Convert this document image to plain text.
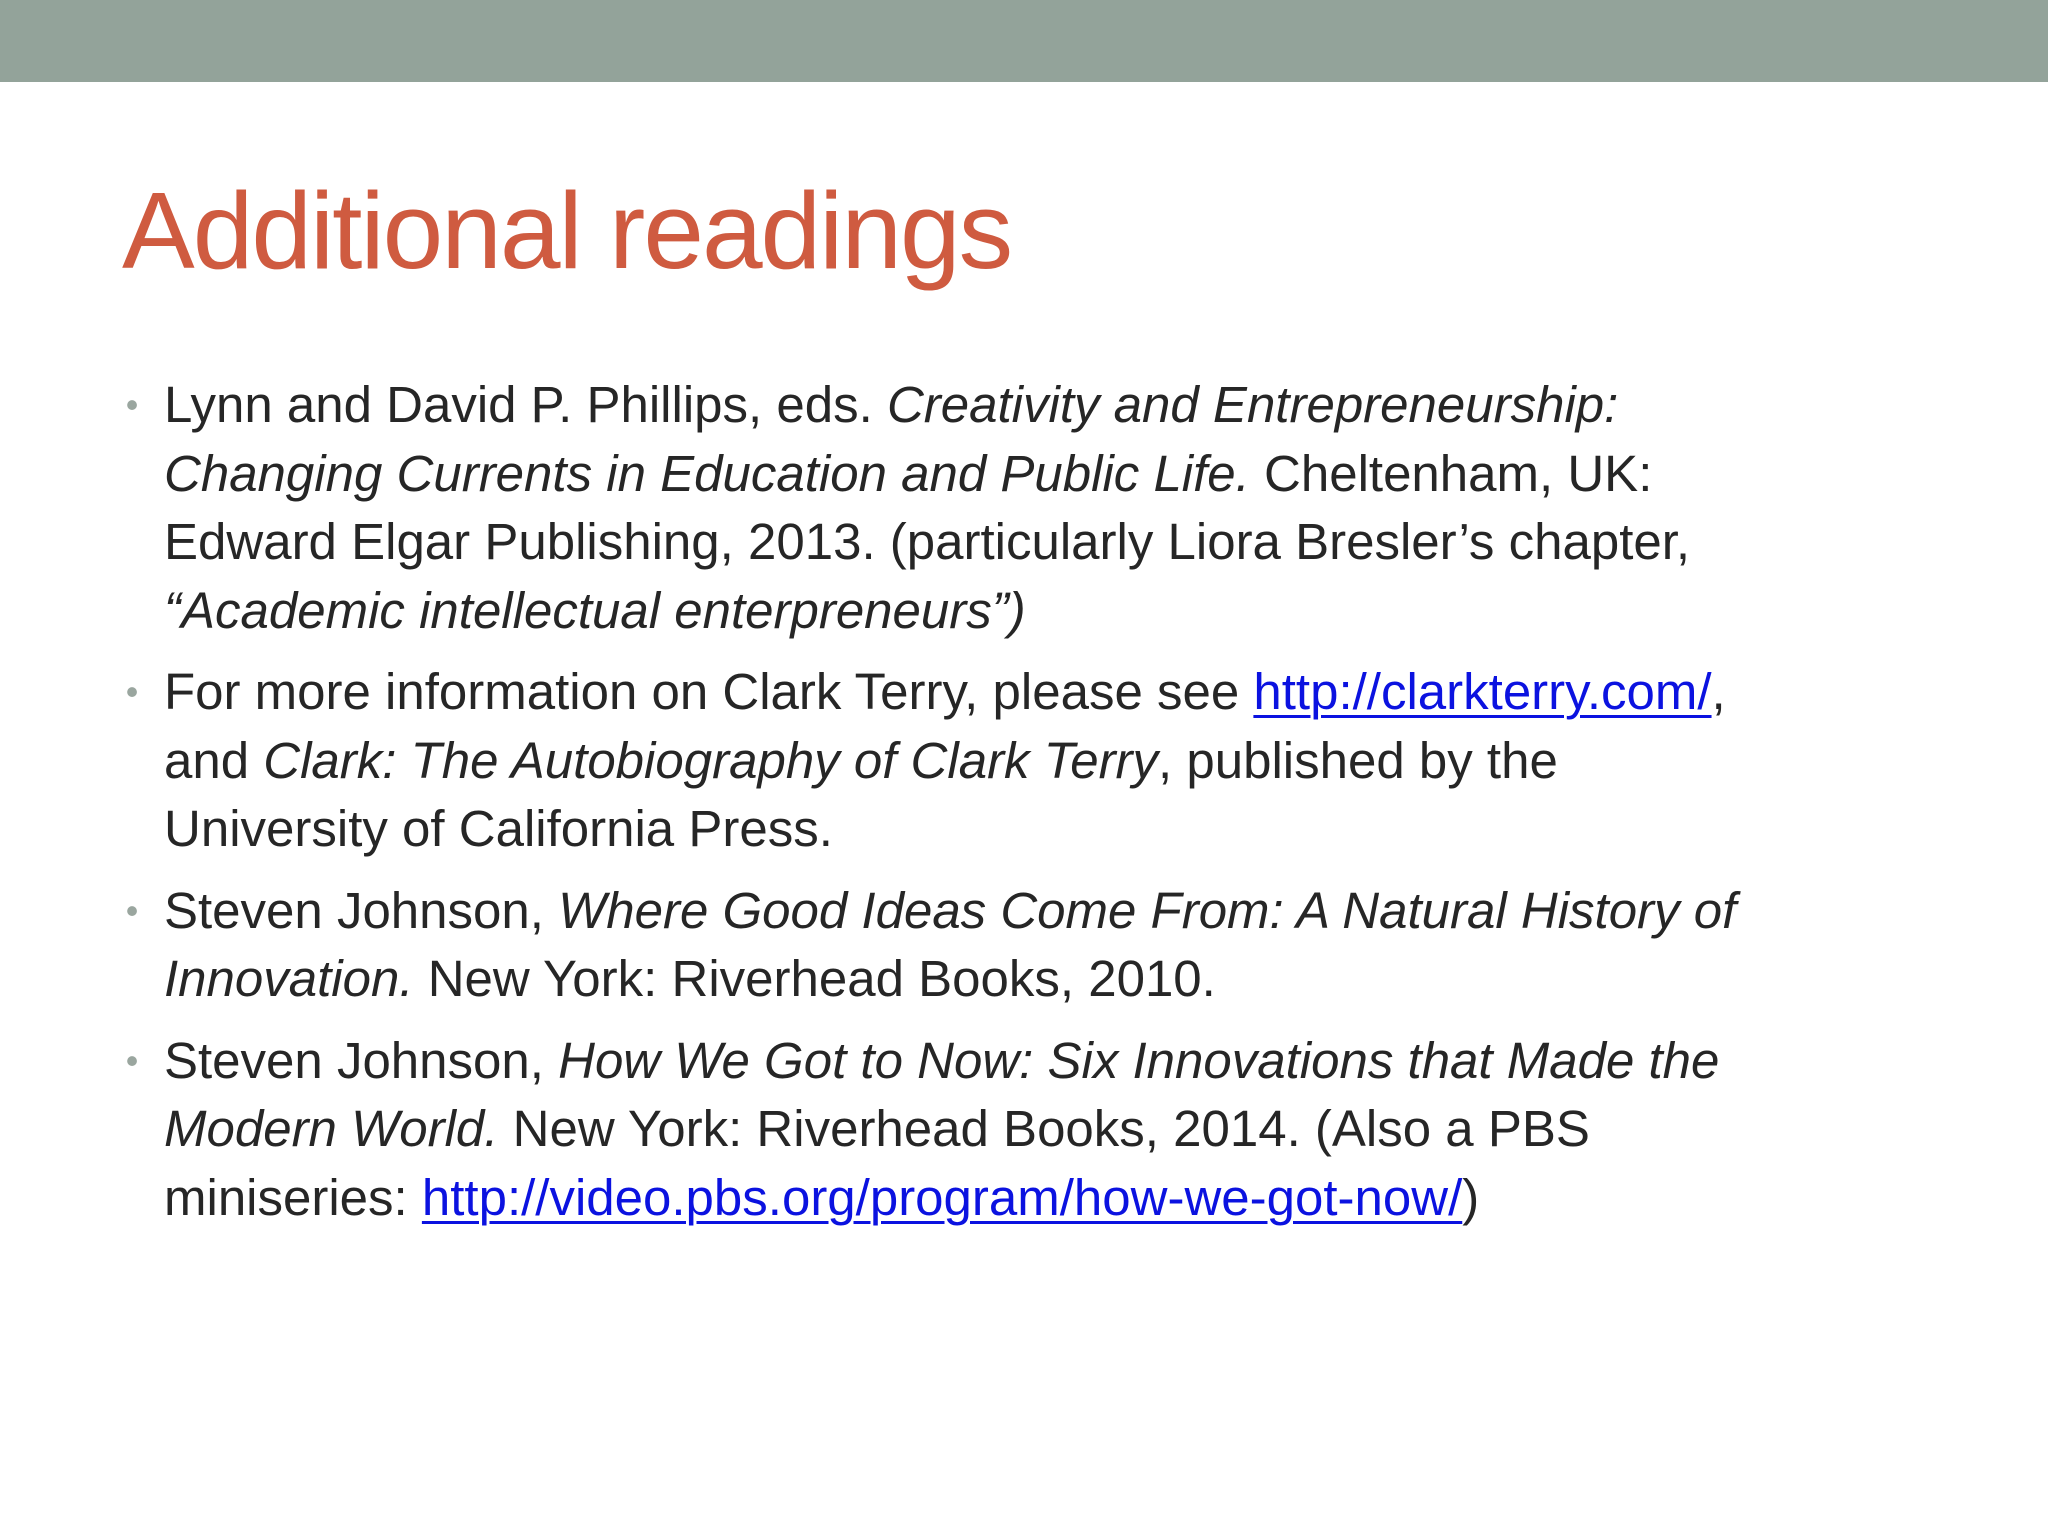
Additional readings
• Lynn and David P. Phillips, eds. Creativity and Entrepreneurship:
Changing Currents in Education and Public Life. Cheltenham, UK:
Edward Elgar Publishing, 2013. (particularly Liora Bresler’s chapter,
“Academic intellectual enterpreneurs”)
• For more information on Clark Terry, please see http://clarkterry.com/,
and Clark: The Autobiography of Clark Terry, published by the
University of California Press.
• Steven Johnson, Where Good Ideas Come From: A Natural History of
Innovation. New York: Riverhead Books, 2010.
• Steven Johnson, How We Got to Now: Six Innovations that Made the
Modern World. New York: Riverhead Books, 2014. (Also a PBS
miniseries: http://video.pbs.org/program/how-we-got-now/)
